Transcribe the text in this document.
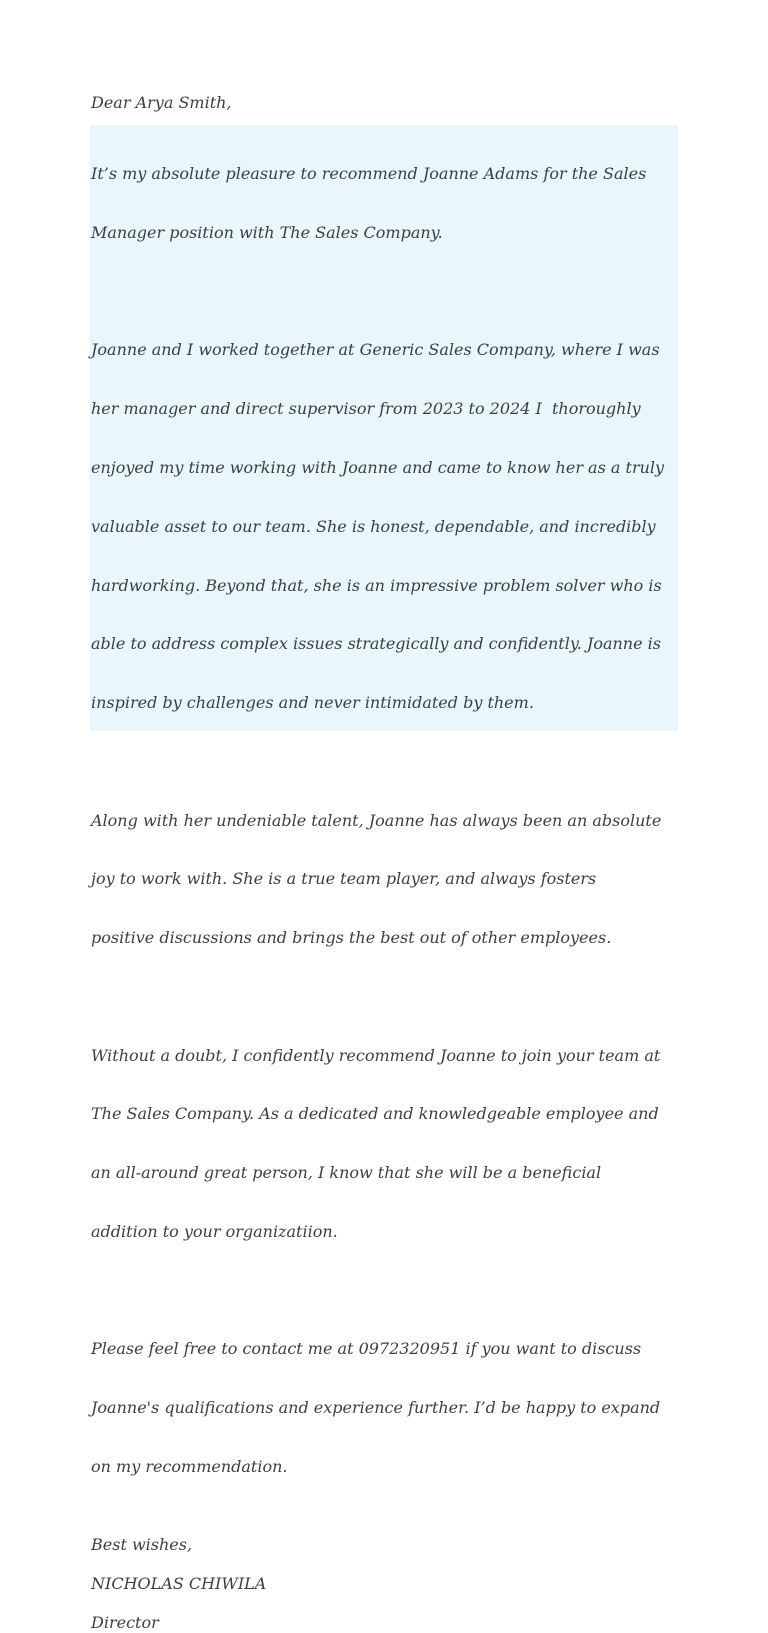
Dear Arya Smith,

It’s my absolute pleasure to recommend Joanne Adams for the Sales

Manager position with The Sales Company.

Joanne and I worked together at Generic Sales Company, where I was

her manager and direct supervisor from 2023 to 2024 I  thoroughly

enjoyed my time working with Joanne and came to know her as a truly

valuable asset to our team. She is honest, dependable, and incredibly

hardworking. Beyond that, she is an impressive problem solver who is

able to address complex issues strategically and confidently. Joanne is

inspired by challenges and never intimidated by them.

Along with her undeniable talent, Joanne has always been an absolute

joy to work with. She is a true team player, and always fosters

positive discussions and brings the best out of other employees.

Without a doubt, I confidently recommend Joanne to join your team at

The Sales Company. As a dedicated and knowledgeable employee and

an all-around great person, I know that she will be a beneficial

addition to your organizatiion.

Please feel free to contact me at 0972320951 if you want to discuss

Joanne's qualifications and experience further. I’d be happy to expand

on my recommendation.

Best wishes,
NICHOLAS CHIWILA
Director
